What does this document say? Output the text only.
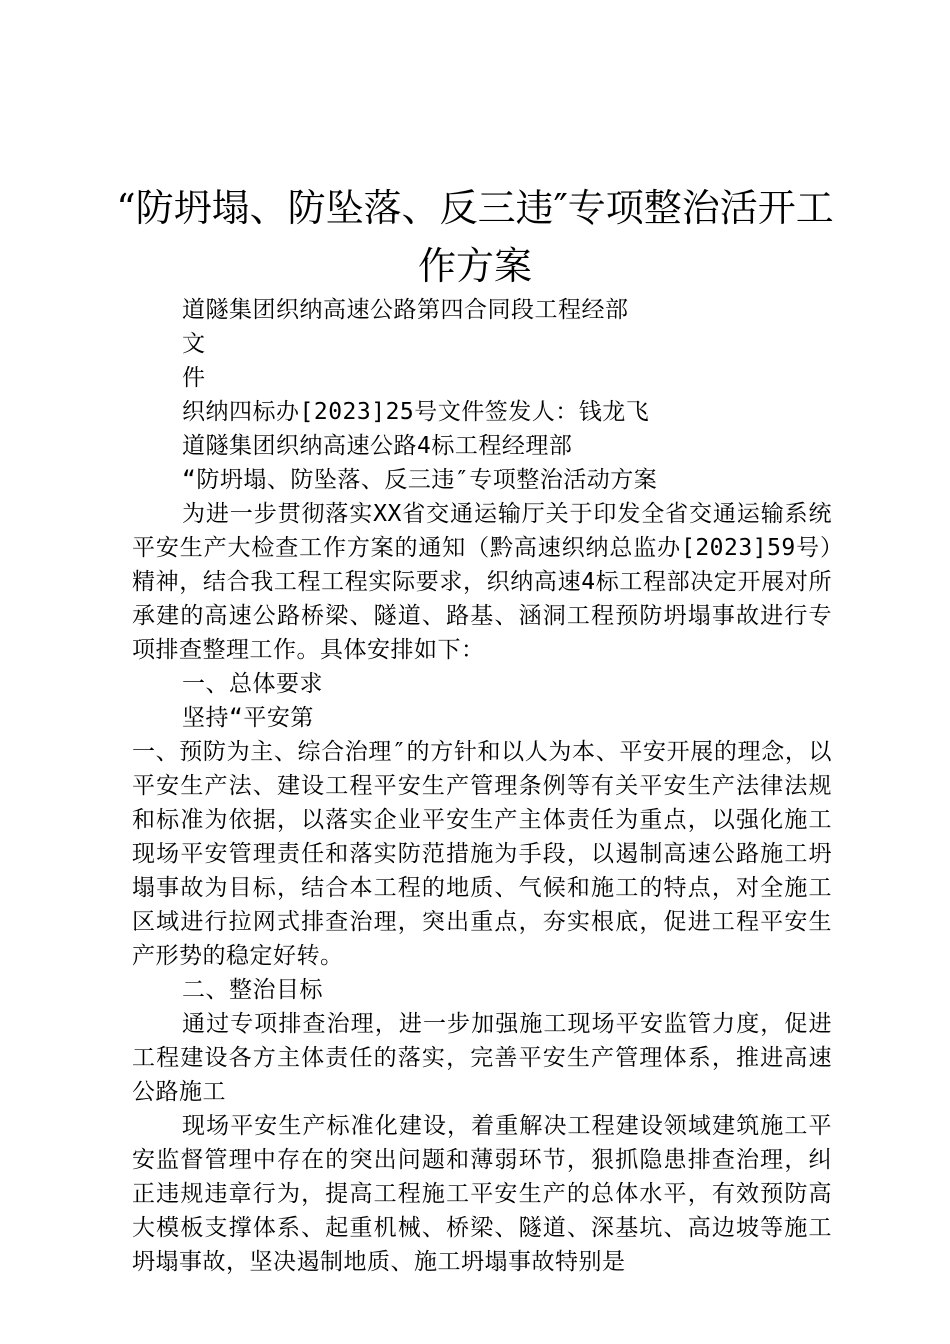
“防坍塌、防坠落、反三违″专项整治活开工
作方案

道隧集团织纳高速公路第四合同段工程经部

文

件

织纳四标办[2023]25号文件签发人：钱龙飞

道隧集团织纳高速公路4标工程经理部

“防坍塌、防坠落、反三违″专项整治活动方案

为进一步贯彻落实XX省交通运输厅关于印发全省交通运输系统平安生产大检查工作方案的通知（黔高速织纳总监办[2023]59号）精神，结合我工程工程实际要求，织纳高速4标工程部决定开展对所承建的高速公路桥梁、隧道、路基、涵洞工程预防坍塌事故进行专项排查整理工作。具体安排如下：

一、总体要求

坚持“平安第

一、预防为主、综合治理″的方针和以人为本、平安开展的理念，以平安生产法、建设工程平安生产管理条例等有关平安生产法律法规和标准为依据，以落实企业平安生产主体责任为重点，以强化施工现场平安管理责任和落实防范措施为手段，以遏制高速公路施工坍塌事故为目标，结合本工程的地质、气候和施工的特点，对全施工区域进行拉网式排查治理，突出重点，夯实根底，促进工程平安生产形势的稳定好转。

二、整治目标

通过专项排查治理，进一步加强施工现场平安监管力度，促进工程建设各方主体责任的落实，完善平安生产管理体系，推进高速公路施工

现场平安生产标准化建设，着重解决工程建设领域建筑施工平安监督管理中存在的突出问题和薄弱环节，狠抓隐患排查治理，纠正违规违章行为，提高工程施工平安生产的总体水平，有效预防高大模板支撑体系、起重机械、桥梁、隧道、深基坑、高边坡等施工坍塌事故，坚决遏制地质、施工坍塌事故特别是
